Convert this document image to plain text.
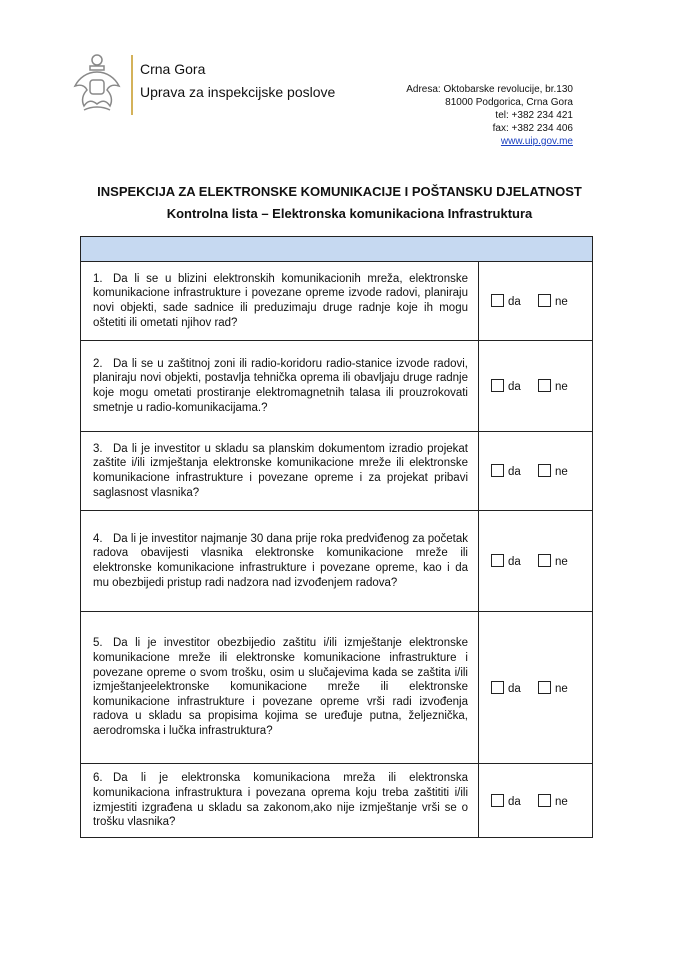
Crna Gora
Uprava za inspekcijske poslove	Adresa: Oktobarske revolucije, br.130
81000 Podgorica, Crna Gora
tel: +382 234 421
fax: +382 234 406
www.uip.gov.me
INSPEKCIJA ZA ELEKTRONSKE KOMUNIKACIJE I POŠTANSKU DJELATNOST
Kontrolna lista – Elektronska komunikaciona Infrastruktura

1. Da li se u blizini elektronskih komunikacionih mreža, elektronske komunikacione infrastrukture i povezane opreme izvode radovi, planiraju novi objekti, sade sadnice ili preduzimaju druge radnje koje ih mogu oštetiti ili ometati njihov rad?	da ne
2. Da li se u zaštitnoj zoni ili radio-koridoru radio-stanice izvode radovi, planiraju novi objekti, postavlja tehnička oprema ili obavljaju druge radnje koje mogu ometati prostiranje elektromagnetnih talasa ili prouzrokovati smetnje u radio-komunikacijama.?	da ne
3. Da li je investitor u skladu sa planskim dokumentom izradio projekat zaštite i/ili izmještanja elektronske komunikacione mreže ili elektronske komunikacione infrastrukture i povezane opreme i za projekat pribavi saglasnost vlasnika?	da ne
4. Da li je investitor najmanje 30 dana prije roka predviđenog za početak radova obavijesti vlasnika elektronske komunikacione mreže ili elektronske komunikacione infrastrukture i povezane opreme, kao i da mu obezbijedi pristup radi nadzora nad izvođenjem radova?	da ne
5. Da li je investitor obezbijedio zaštitu i/ili izmještanje elektronske komunikacione mreže ili elektronske komunikacione infrastrukture i povezane opreme o svom trošku, osim u slučajevima kada se zaštita i/ili izmještanjeelektronske komunikacione mreže ili elektronske komunikacione infrastrukture i povezane opreme vrši radi izvođenja radova u skladu sa propisima kojima se uređuje putna, željeznička, aerodromska i lučka infrastruktura?	da ne
6. Da li je elektronska komunikaciona mreža ili elektronska komunikaciona infrastruktura i povezana oprema koju treba zaštititi i/ili izmjestiti izgrađena u skladu sa zakonom,ako nije izmještanje vrši se o trošku vlasnika?	da ne
